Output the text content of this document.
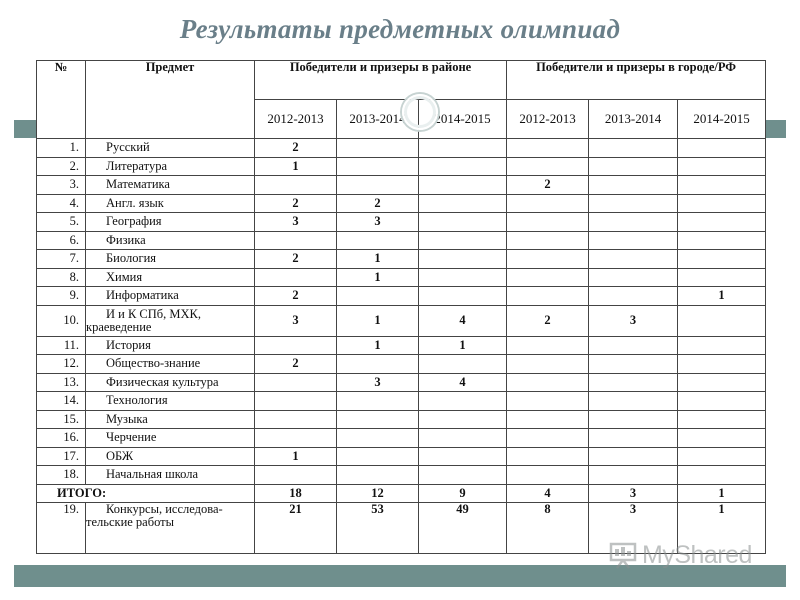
Результаты предметных олимпиад
№	Предмет	Победители и призеры в районе			Победители и призеры в городе/РФ		
		2012-2013	2013-2014	2014-2015	2012-2013	2013-2014	2014-2015
1.	Русский	2					
2.	Литература	1					
3.	Математика				2		
4.	Англ. язык	2	2				
5.	География	3	3				
6.	Физика						

7.	Биология	2	1				
8.	Химия		1				
9.	Информатика	2					1
10.	И и К СПб, МХК, краеведение	3	1	4	2	3	
11.	История		1	1			
12.	Общество-знание	2					
13.	Физическая культура		3	4			
14.	Технология						

15.	Музыка						

16.	Черчение						

17.	ОБЖ	1					
18.	Начальная школа						

ИТОГО:		18	12	9	4	3	1
19.	Конкурсы, исследова-тельские работы	21	53	49	8	3	1
MyShared
